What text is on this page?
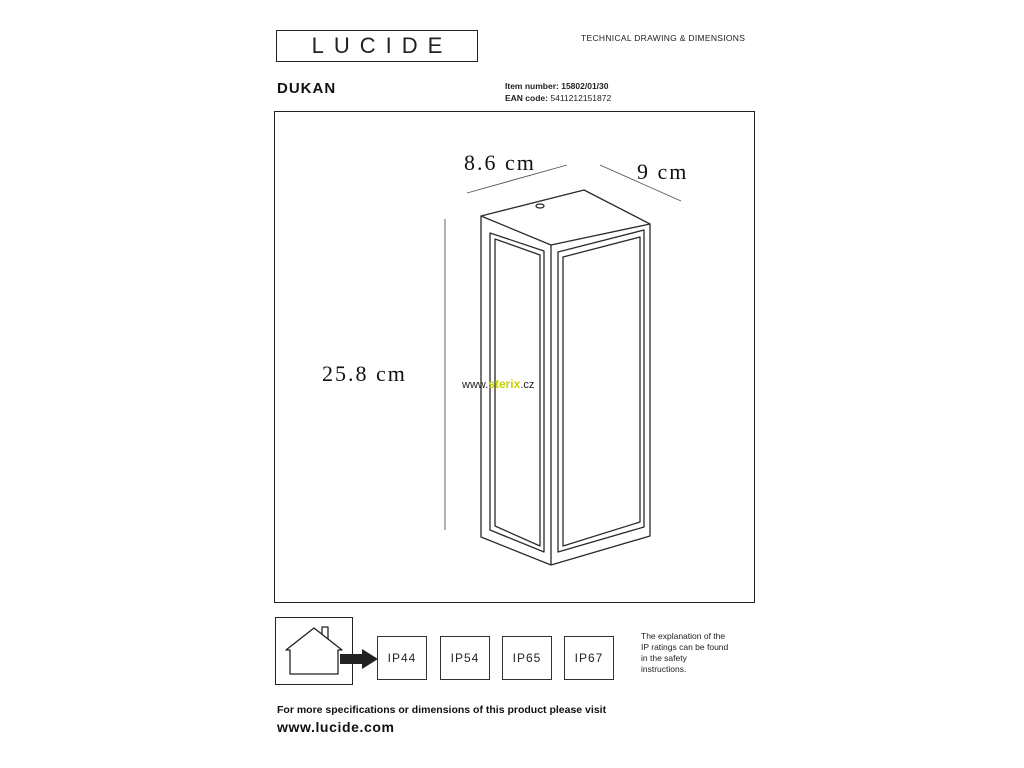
LUCIDE	TECHNICAL DRAWING & DIMENSIONS
DUKAN	Item number: 15802/01/30
EAN code: 5411212151872
8.6 cm	9 cm
25.8 cm	www.sterix.cz
IP44	IP54	IP65	IP67
The explanation of the
IP ratings can be found
in the safety
instructions.
For more specifications or dimensions of this product please visit
www.lucide.com
